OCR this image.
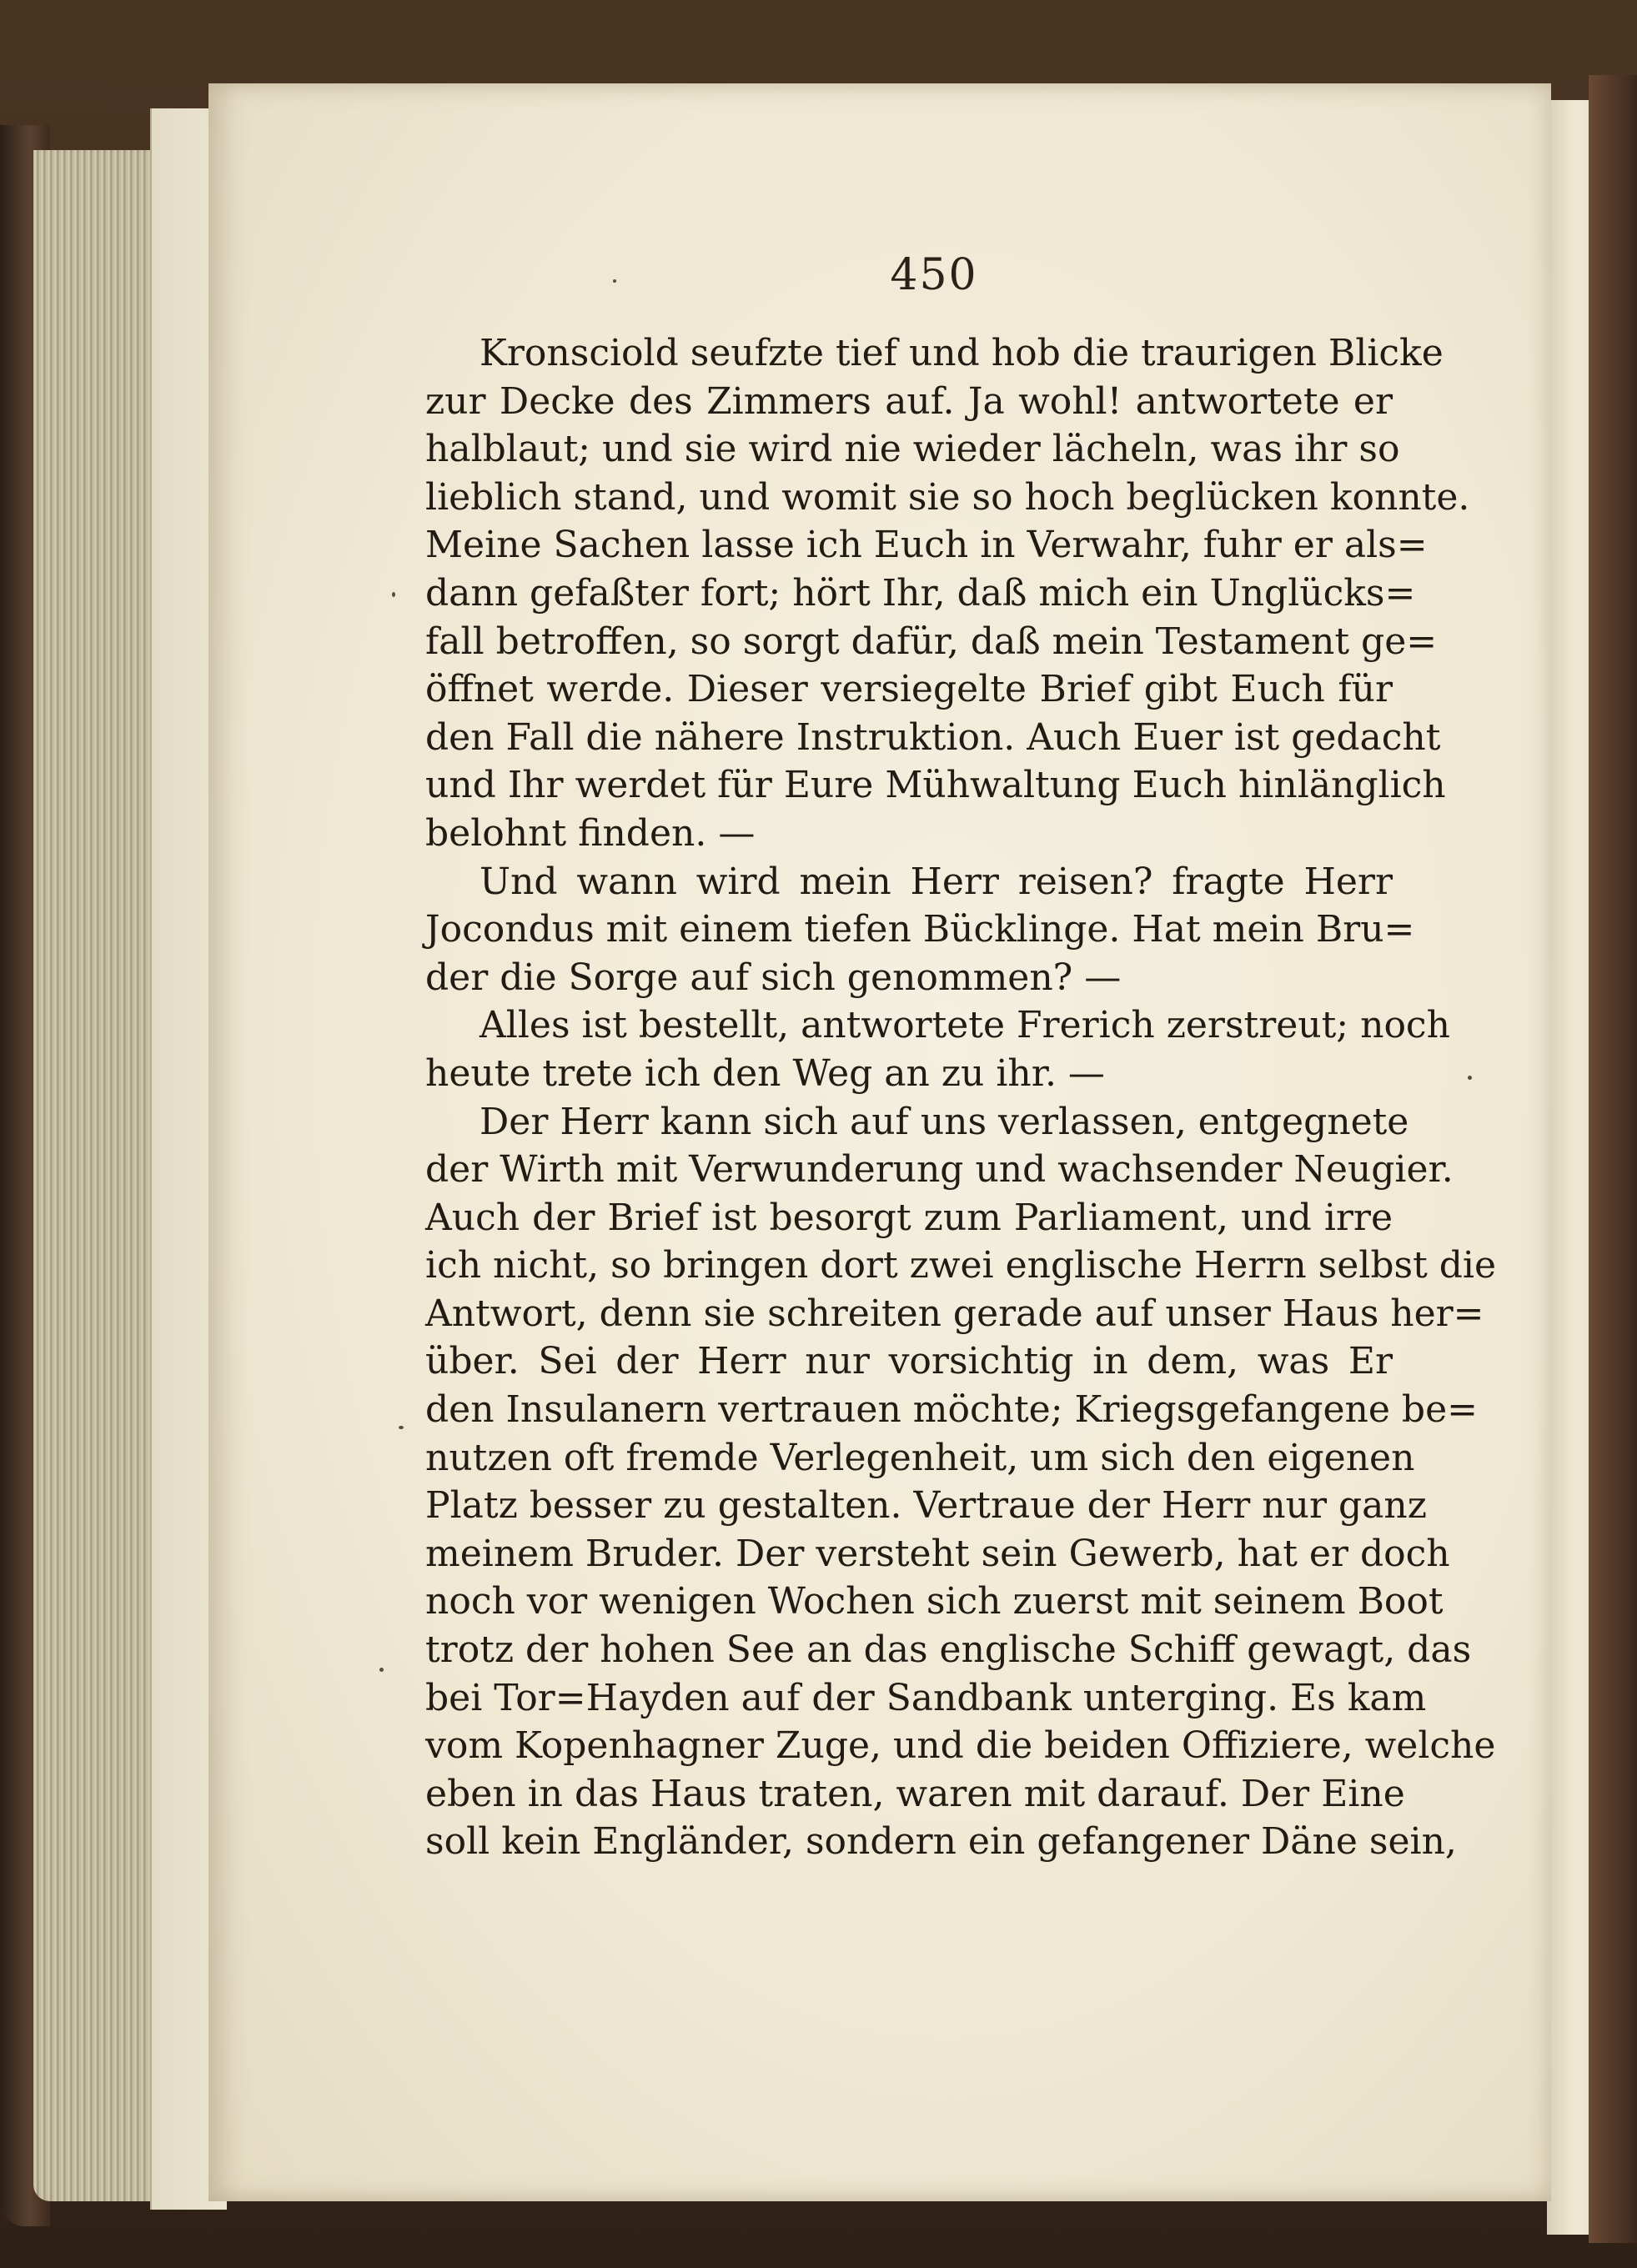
450
Kronsciold seufzte tief und hob die traurigen Blicke
zur Decke des Zimmers auf. Ja wohl! antwortete er
halblaut; und sie wird nie wieder lächeln, was ihr so
lieblich stand, und womit sie so hoch beglücken konnte.
Meine Sachen lasse ich Euch in Verwahr, fuhr er als=
dann gefaßter fort; hört Ihr, daß mich ein Unglücks=
fall betroffen, so sorgt dafür, daß mein Testament ge=
öffnet werde. Dieser versiegelte Brief gibt Euch für
den Fall die nähere Instruktion. Auch Euer ist gedacht
und Ihr werdet für Eure Mühwaltung Euch hinlänglich
belohnt finden. —
Und wann wird mein Herr reisen? fragte Herr
Jocondus mit einem tiefen Bücklinge. Hat mein Bru=
der die Sorge auf sich genommen? —
Alles ist bestellt, antwortete Frerich zerstreut; noch
heute trete ich den Weg an zu ihr. —
Der Herr kann sich auf uns verlassen, entgegnete
der Wirth mit Verwunderung und wachsender Neugier.
Auch der Brief ist besorgt zum Parliament, und irre
ich nicht, so bringen dort zwei englische Herrn selbst die
Antwort, denn sie schreiten gerade auf unser Haus her=
über. Sei der Herr nur vorsichtig in dem, was Er
den Insulanern vertrauen möchte; Kriegsgefangene be=
nutzen oft fremde Verlegenheit, um sich den eigenen
Platz besser zu gestalten. Vertraue der Herr nur ganz
meinem Bruder. Der versteht sein Gewerb, hat er doch
noch vor wenigen Wochen sich zuerst mit seinem Boot
trotz der hohen See an das englische Schiff gewagt, das
bei Tor=Hayden auf der Sandbank unterging. Es kam
vom Kopenhagner Zuge, und die beiden Offiziere, welche
eben in das Haus traten, waren mit darauf. Der Eine
soll kein Engländer, sondern ein gefangener Däne sein,
